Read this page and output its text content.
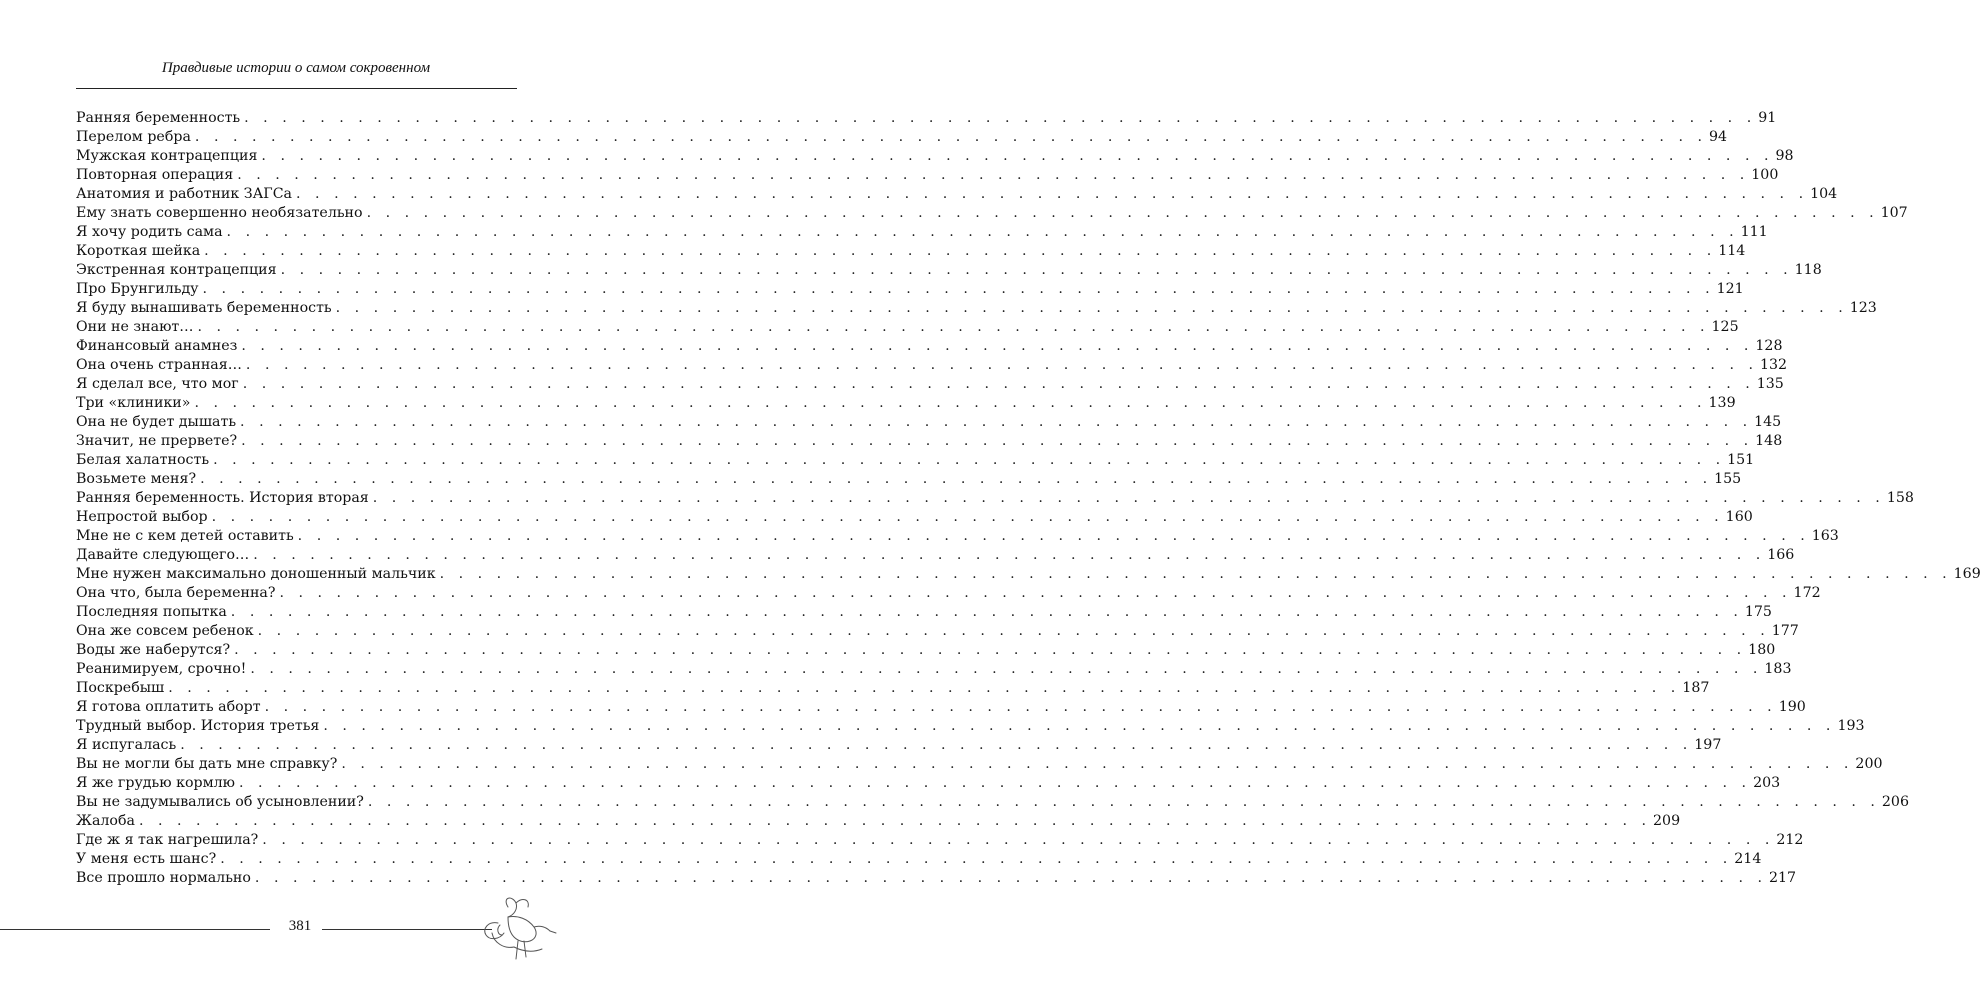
Правдивые истории о самом сокровенном
Ранняя беременность . . . . . . . . . . . . . . . . . . . . . . . . . . . . . . . . . . . . . . . . . . . . . . . . . . . . . . . . . . . . . . . . . . . . . . . . . . . . . . . . 91
Перелом ребра . . . . . . . . . . . . . . . . . . . . . . . . . . . . . . . . . . . . . . . . . . . . . . . . . . . . . . . . . . . . . . . . . . . . . . . . . . . . . . . . 94
Мужская контрацепция . . . . . . . . . . . . . . . . . . . . . . . . . . . . . . . . . . . . . . . . . . . . . . . . . . . . . . . . . . . . . . . . . . . . . . . . . . . . . . . . 98
Повторная операция . . . . . . . . . . . . . . . . . . . . . . . . . . . . . . . . . . . . . . . . . . . . . . . . . . . . . . . . . . . . . . . . . . . . . . . . . . . . . . . . 100
Анатомия и работник ЗАГСа . . . . . . . . . . . . . . . . . . . . . . . . . . . . . . . . . . . . . . . . . . . . . . . . . . . . . . . . . . . . . . . . . . . . . . . . . . . . . . . . 104
Ему знать совершенно необязательно . . . . . . . . . . . . . . . . . . . . . . . . . . . . . . . . . . . . . . . . . . . . . . . . . . . . . . . . . . . . . . . . . . . . . . . . . . . . . . . . 107
Я хочу родить сама . . . . . . . . . . . . . . . . . . . . . . . . . . . . . . . . . . . . . . . . . . . . . . . . . . . . . . . . . . . . . . . . . . . . . . . . . . . . . . . . 111
Короткая шейка . . . . . . . . . . . . . . . . . . . . . . . . . . . . . . . . . . . . . . . . . . . . . . . . . . . . . . . . . . . . . . . . . . . . . . . . . . . . . . . . 114
Экстренная контрацепция . . . . . . . . . . . . . . . . . . . . . . . . . . . . . . . . . . . . . . . . . . . . . . . . . . . . . . . . . . . . . . . . . . . . . . . . . . . . . . . . 118
Про Брунгильду . . . . . . . . . . . . . . . . . . . . . . . . . . . . . . . . . . . . . . . . . . . . . . . . . . . . . . . . . . . . . . . . . . . . . . . . . . . . . . . . 121
Я буду вынашивать беременность . . . . . . . . . . . . . . . . . . . . . . . . . . . . . . . . . . . . . . . . . . . . . . . . . . . . . . . . . . . . . . . . . . . . . . . . . . . . . . . . 123
Они не знают… . . . . . . . . . . . . . . . . . . . . . . . . . . . . . . . . . . . . . . . . . . . . . . . . . . . . . . . . . . . . . . . . . . . . . . . . . . . . . . . . 125
Финансовый анамнез . . . . . . . . . . . . . . . . . . . . . . . . . . . . . . . . . . . . . . . . . . . . . . . . . . . . . . . . . . . . . . . . . . . . . . . . . . . . . . . . 128
Она очень странная… . . . . . . . . . . . . . . . . . . . . . . . . . . . . . . . . . . . . . . . . . . . . . . . . . . . . . . . . . . . . . . . . . . . . . . . . . . . . . . . . 132
Я сделал все, что мог . . . . . . . . . . . . . . . . . . . . . . . . . . . . . . . . . . . . . . . . . . . . . . . . . . . . . . . . . . . . . . . . . . . . . . . . . . . . . . . . 135
Три «клиники» . . . . . . . . . . . . . . . . . . . . . . . . . . . . . . . . . . . . . . . . . . . . . . . . . . . . . . . . . . . . . . . . . . . . . . . . . . . . . . . . 139
Она не будет дышать . . . . . . . . . . . . . . . . . . . . . . . . . . . . . . . . . . . . . . . . . . . . . . . . . . . . . . . . . . . . . . . . . . . . . . . . . . . . . . . . 145
Значит, не прервете? . . . . . . . . . . . . . . . . . . . . . . . . . . . . . . . . . . . . . . . . . . . . . . . . . . . . . . . . . . . . . . . . . . . . . . . . . . . . . . . . 148
Белая халатность . . . . . . . . . . . . . . . . . . . . . . . . . . . . . . . . . . . . . . . . . . . . . . . . . . . . . . . . . . . . . . . . . . . . . . . . . . . . . . . . 151
Возьмете меня? . . . . . . . . . . . . . . . . . . . . . . . . . . . . . . . . . . . . . . . . . . . . . . . . . . . . . . . . . . . . . . . . . . . . . . . . . . . . . . . . 155
Ранняя беременность. История вторая . . . . . . . . . . . . . . . . . . . . . . . . . . . . . . . . . . . . . . . . . . . . . . . . . . . . . . . . . . . . . . . . . . . . . . . . . . . . . . . . 158
Непростой выбор . . . . . . . . . . . . . . . . . . . . . . . . . . . . . . . . . . . . . . . . . . . . . . . . . . . . . . . . . . . . . . . . . . . . . . . . . . . . . . . . 160
Мне не с кем детей оставить . . . . . . . . . . . . . . . . . . . . . . . . . . . . . . . . . . . . . . . . . . . . . . . . . . . . . . . . . . . . . . . . . . . . . . . . . . . . . . . . 163
Давайте следующего… . . . . . . . . . . . . . . . . . . . . . . . . . . . . . . . . . . . . . . . . . . . . . . . . . . . . . . . . . . . . . . . . . . . . . . . . . . . . . . . . 166
Мне нужен максимально доношенный мальчик . . . . . . . . . . . . . . . . . . . . . . . . . . . . . . . . . . . . . . . . . . . . . . . . . . . . . . . . . . . . . . . . . . . . . . . . . . . . . . . . 169
Она что, была беременна? . . . . . . . . . . . . . . . . . . . . . . . . . . . . . . . . . . . . . . . . . . . . . . . . . . . . . . . . . . . . . . . . . . . . . . . . . . . . . . . . 172
Последняя попытка . . . . . . . . . . . . . . . . . . . . . . . . . . . . . . . . . . . . . . . . . . . . . . . . . . . . . . . . . . . . . . . . . . . . . . . . . . . . . . . . 175
Она же совсем ребенок . . . . . . . . . . . . . . . . . . . . . . . . . . . . . . . . . . . . . . . . . . . . . . . . . . . . . . . . . . . . . . . . . . . . . . . . . . . . . . . . 177
Воды же наберутся? . . . . . . . . . . . . . . . . . . . . . . . . . . . . . . . . . . . . . . . . . . . . . . . . . . . . . . . . . . . . . . . . . . . . . . . . . . . . . . . . 180
Реанимируем, срочно! . . . . . . . . . . . . . . . . . . . . . . . . . . . . . . . . . . . . . . . . . . . . . . . . . . . . . . . . . . . . . . . . . . . . . . . . . . . . . . . . 183
Поскребыш . . . . . . . . . . . . . . . . . . . . . . . . . . . . . . . . . . . . . . . . . . . . . . . . . . . . . . . . . . . . . . . . . . . . . . . . . . . . . . . . 187
Я готова оплатить аборт . . . . . . . . . . . . . . . . . . . . . . . . . . . . . . . . . . . . . . . . . . . . . . . . . . . . . . . . . . . . . . . . . . . . . . . . . . . . . . . . 190
Трудный выбор. История третья . . . . . . . . . . . . . . . . . . . . . . . . . . . . . . . . . . . . . . . . . . . . . . . . . . . . . . . . . . . . . . . . . . . . . . . . . . . . . . . . 193
Я испугалась . . . . . . . . . . . . . . . . . . . . . . . . . . . . . . . . . . . . . . . . . . . . . . . . . . . . . . . . . . . . . . . . . . . . . . . . . . . . . . . . 197
Вы не могли бы дать мне справку? . . . . . . . . . . . . . . . . . . . . . . . . . . . . . . . . . . . . . . . . . . . . . . . . . . . . . . . . . . . . . . . . . . . . . . . . . . . . . . . . 200
Я же грудью кормлю . . . . . . . . . . . . . . . . . . . . . . . . . . . . . . . . . . . . . . . . . . . . . . . . . . . . . . . . . . . . . . . . . . . . . . . . . . . . . . . . 203
Вы не задумывались об усыновлении? . . . . . . . . . . . . . . . . . . . . . . . . . . . . . . . . . . . . . . . . . . . . . . . . . . . . . . . . . . . . . . . . . . . . . . . . . . . . . . . . 206
Жалоба . . . . . . . . . . . . . . . . . . . . . . . . . . . . . . . . . . . . . . . . . . . . . . . . . . . . . . . . . . . . . . . . . . . . . . . . . . . . . . . . 209
Где ж я так нагрешила? . . . . . . . . . . . . . . . . . . . . . . . . . . . . . . . . . . . . . . . . . . . . . . . . . . . . . . . . . . . . . . . . . . . . . . . . . . . . . . . . 212
У меня есть шанс? . . . . . . . . . . . . . . . . . . . . . . . . . . . . . . . . . . . . . . . . . . . . . . . . . . . . . . . . . . . . . . . . . . . . . . . . . . . . . . . . 214
Все прошло нормально . . . . . . . . . . . . . . . . . . . . . . . . . . . . . . . . . . . . . . . . . . . . . . . . . . . . . . . . . . . . . . . . . . . . . . . . . . . . . . . . 217
381
